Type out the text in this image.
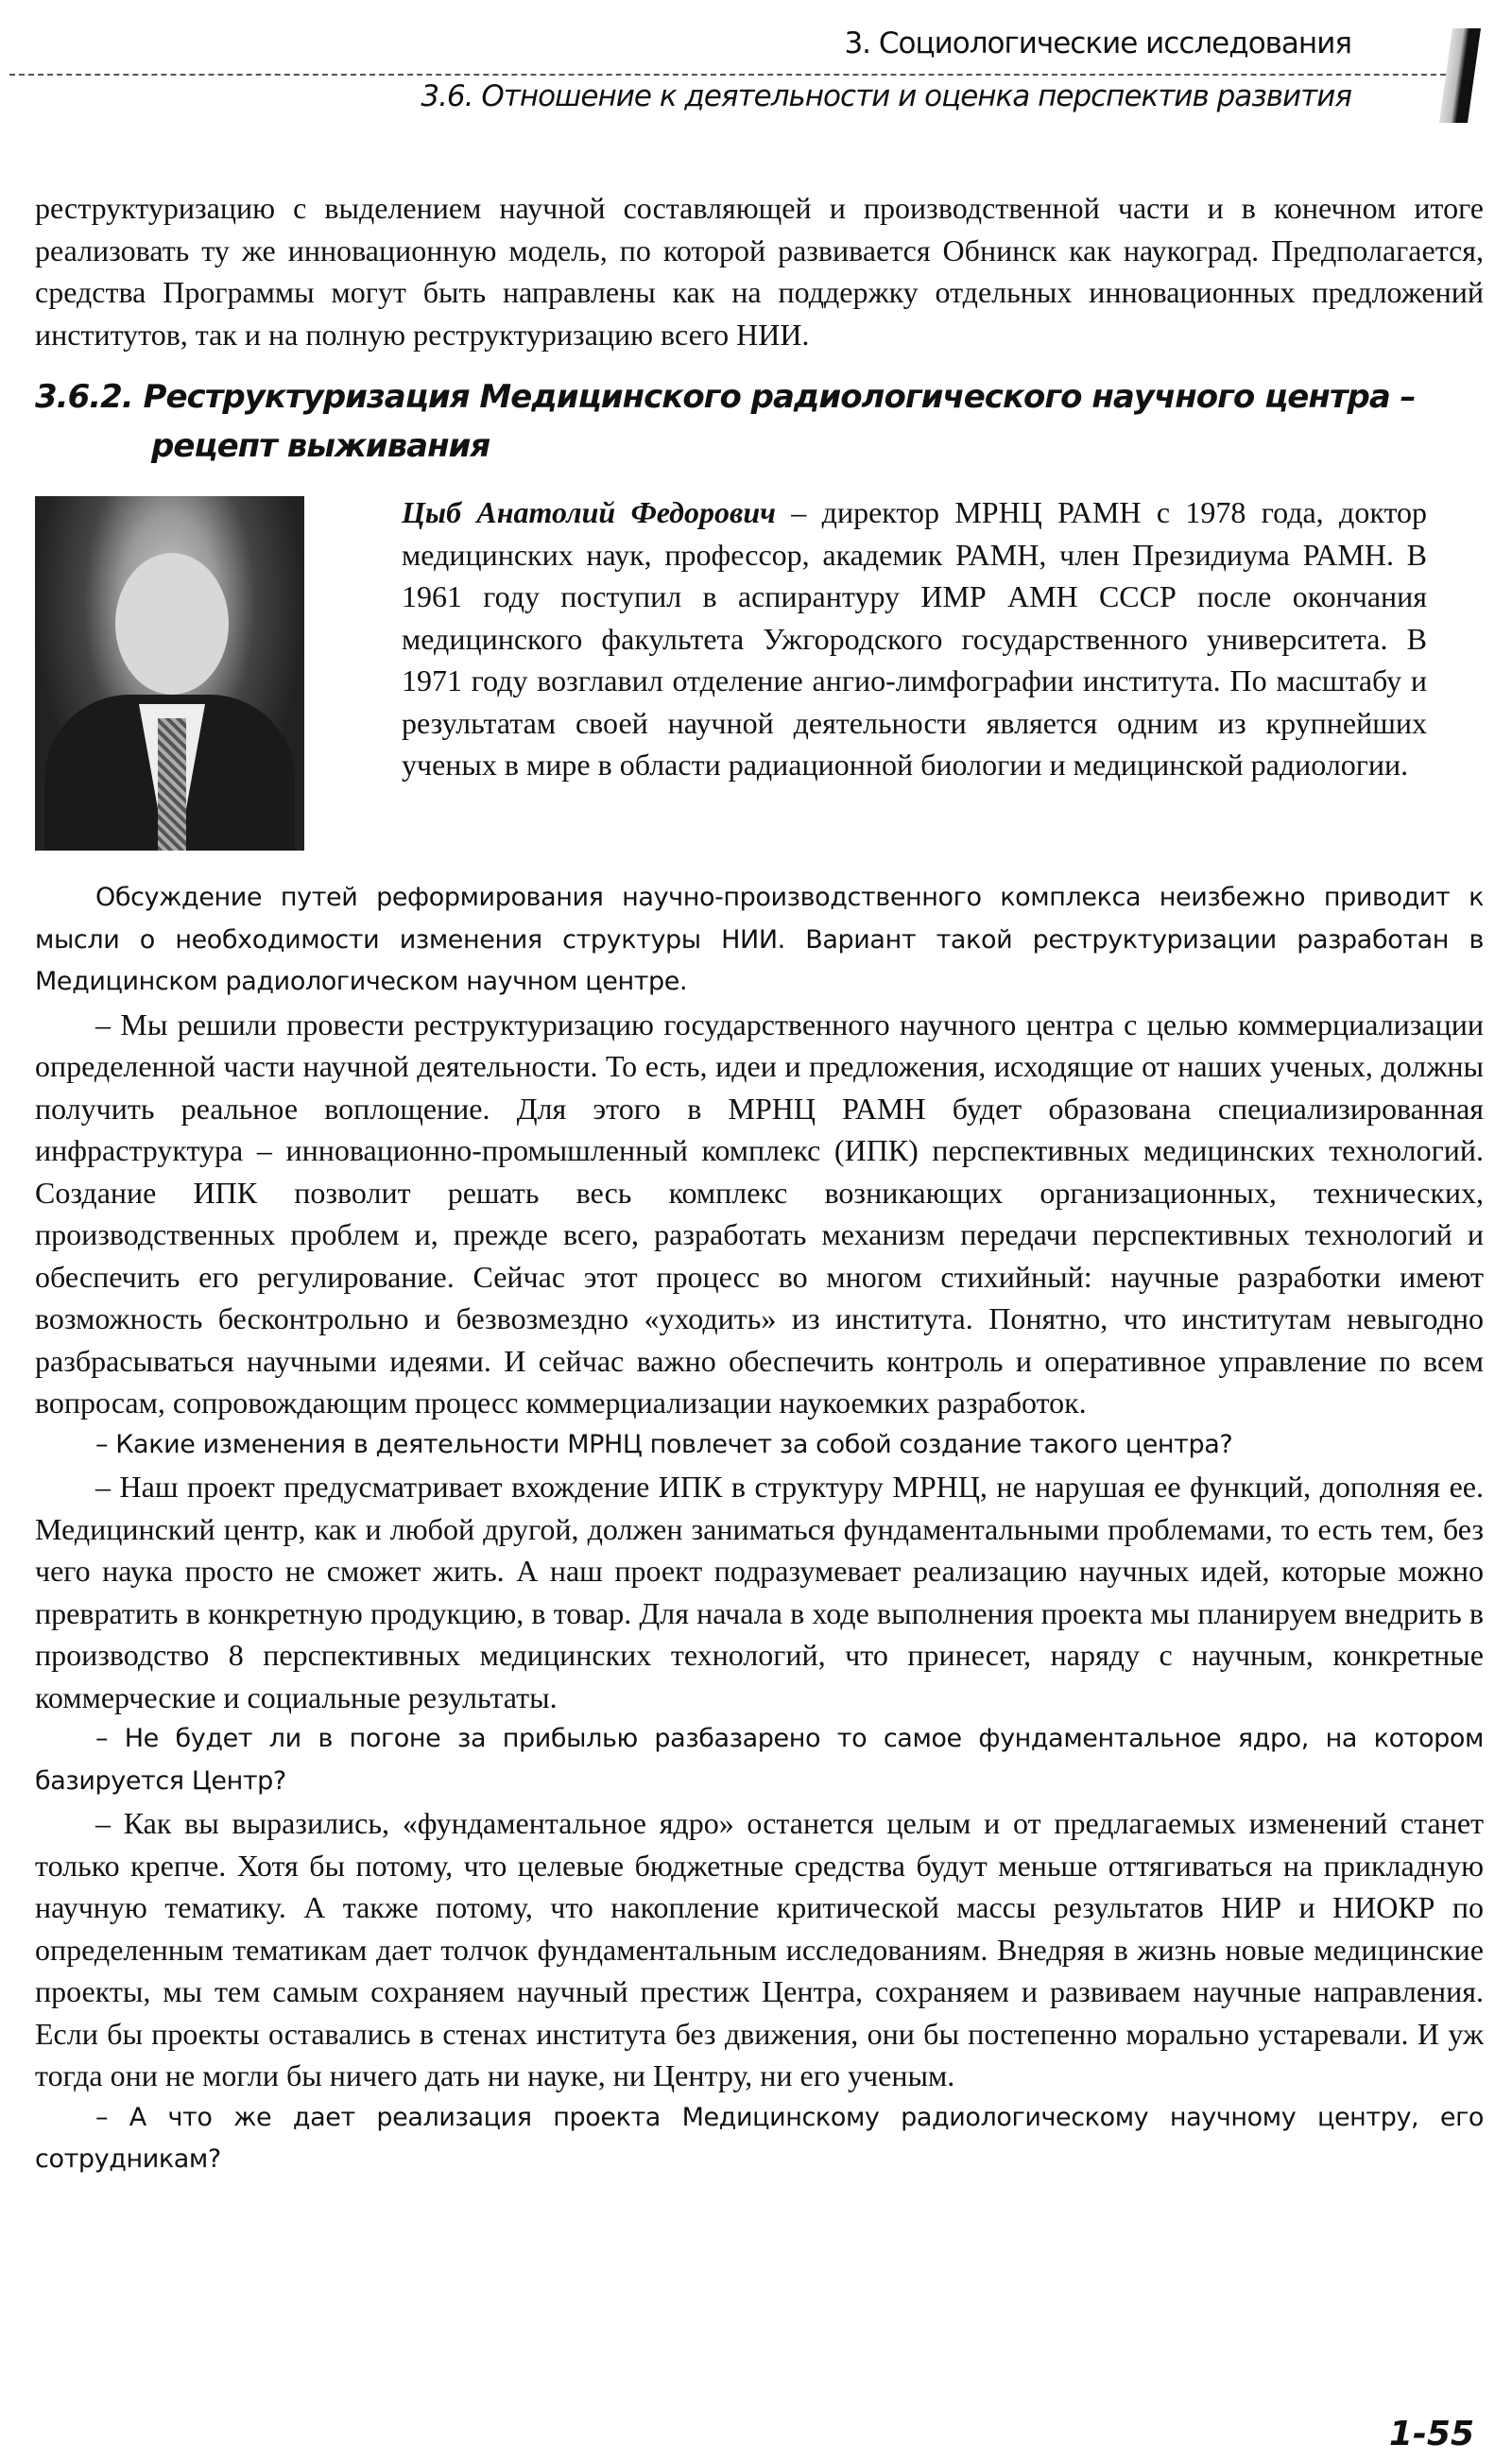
3. Социологические исследования
3.6. Отношение к деятельности и оценка перспектив развития

реструктуризацию с выделением научной составляющей и производственной части и в конечном итоге реализовать ту же инновационную модель, по которой развивается Обнинск как наукоград. Предполагается, средства Программы могут быть направлены как на поддержку отдельных инновационных предложений институтов, так и на полную реструктуризацию всего НИИ.

3.6.2. Реструктуризация Медицинского радиологического научного центра –
рецепт выживания
Цыб Анатолий Федорович – директор МРНЦ РАМН с 1978 года, доктор медицинских наук, профессор, академик РАМН, член Президиума РАМН. В 1961 году поступил в аспирантуру ИМР АМН СССР после окончания медицинского факультета Ужгородского государственного университета. В 1971 году возглавил отделение ангио-лимфографии института. По масштабу и результатам своей научной деятельности является одним из крупнейших ученых в мире в области радиационной биологии и медицинской радиологии.

Обсуждение путей реформирования научно-производственного комплекса неизбежно приводит к мысли о необходимости изменения структуры НИИ. Вариант такой реструктуризации разработан в Медицинском радиологическом научном центре.

– Мы решили провести реструктуризацию государственного научного центра с целью коммерциализации определенной части научной деятельности. То есть, идеи и предложения, исходящие от наших ученых, должны получить реальное воплощение. Для этого в МРНЦ РАМН будет образована специализированная инфраструктура – инновационно-промышленный комплекс (ИПК) перспективных медицинских технологий. Создание ИПК позволит решать весь комплекс возникающих организационных, технических, производственных проблем и, прежде всего, разработать механизм передачи перспективных технологий и обеспечить его регулирование. Сейчас этот процесс во многом стихийный: научные разработки имеют возможность бесконтрольно и безвозмездно «уходить» из института. Понятно, что институтам невыгодно разбрасываться научными идеями. И сейчас важно обеспечить контроль и оперативное управление по всем вопросам, сопровождающим процесс коммерциализации наукоемких разработок.

– Какие изменения в деятельности МРНЦ повлечет за собой создание такого центра?

– Наш проект предусматривает вхождение ИПК в структуру МРНЦ, не нарушая ее функций, дополняя ее. Медицинский центр, как и любой другой, должен заниматься фундаментальными проблемами, то есть тем, без чего наука просто не сможет жить. А наш проект подразумевает реализацию научных идей, которые можно превратить в конкретную продукцию, в товар. Для начала в ходе выполнения проекта мы планируем внедрить в производство 8 перспективных медицинских технологий, что принесет, наряду с научным, конкретные коммерческие и социальные результаты.

– Не будет ли в погоне за прибылью разбазарено то самое фундаментальное ядро, на котором базируется Центр?

– Как вы выразились, «фундаментальное ядро» останется целым и от предлагаемых изменений станет только крепче. Хотя бы потому, что целевые бюджетные средства будут меньше оттягиваться на прикладную научную тематику. А также потому, что накопление критической массы результатов НИР и НИОКР по определенным тематикам дает толчок фундаментальным исследованиям. Внедряя в жизнь новые медицинские проекты, мы тем самым сохраняем научный престиж Центра, сохраняем и развиваем научные направления. Если бы проекты оставались в стенах института без движения, они бы постепенно морально устаревали. И уж тогда они не могли бы ничего дать ни науке, ни Центру, ни его ученым.

– А что же дает реализация проекта Медицинскому радиологическому научному центру, его сотрудникам?

1-55
